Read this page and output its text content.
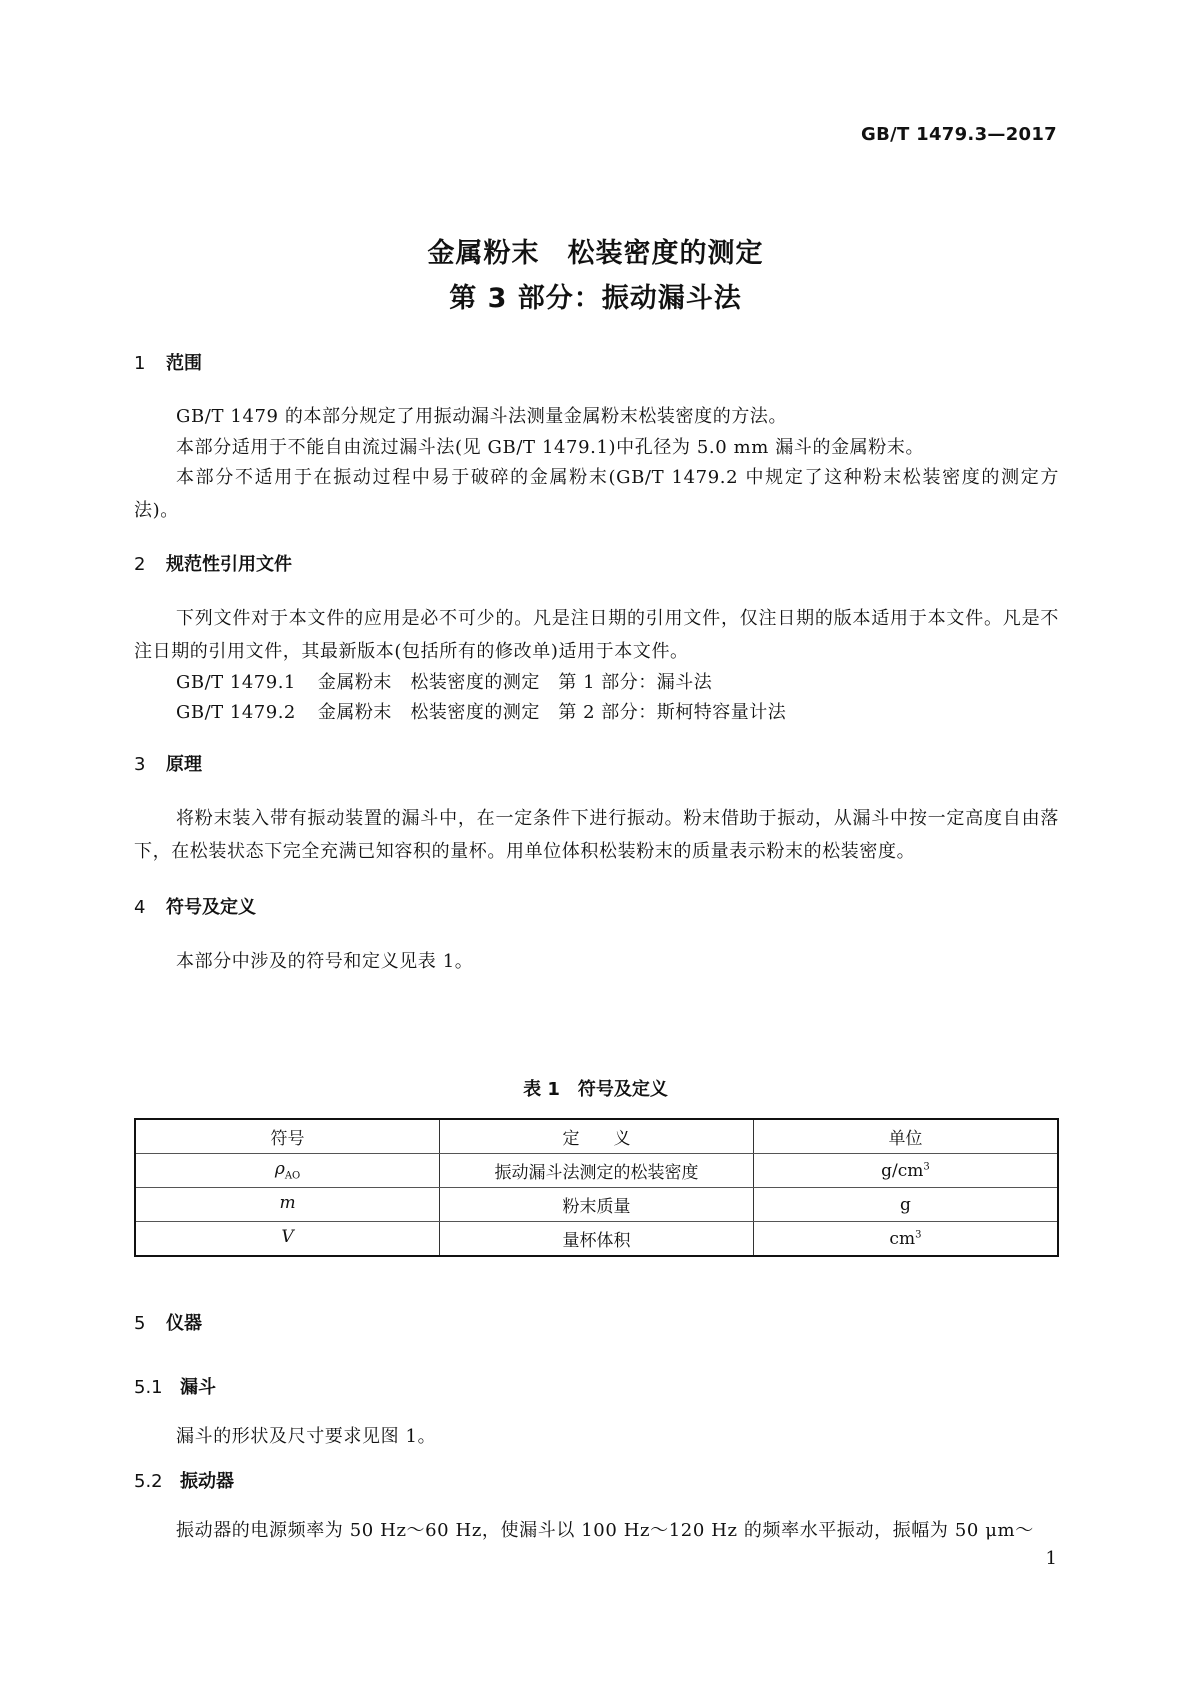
GB/T 1479.3—2017
金属粉末　松装密度的测定
第 3 部分：振动漏斗法
1 范围
GB/T 1479 的本部分规定了用振动漏斗法测量金属粉末松装密度的方法。
本部分适用于不能自由流过漏斗法(见 GB/T 1479.1)中孔径为 5.0 mm 漏斗的金属粉末。
本部分不适用于在振动过程中易于破碎的金属粉末(GB/T 1479.2 中规定了这种粉末松装密度的测定方法)。
2 规范性引用文件
下列文件对于本文件的应用是必不可少的。凡是注日期的引用文件，仅注日期的版本适用于本文件。凡是不注日期的引用文件，其最新版本(包括所有的修改单)适用于本文件。
GB/T 1479.1 金属粉末　松装密度的测定　第 1 部分：漏斗法
GB/T 1479.2 金属粉末　松装密度的测定　第 2 部分：斯柯特容量计法
3 原理
将粉末装入带有振动装置的漏斗中，在一定条件下进行振动。粉末借助于振动，从漏斗中按一定高度自由落下，在松装状态下完全充满已知容积的量杯。用单位体积松装粉末的质量表示粉末的松装密度。
4 符号及定义
本部分中涉及的符号和定义见表 1。
表 1　符号及定义
符号	定　　义	单位
$\rho_{AO}$	振动漏斗法测定的松装密度	$g/cm^3$
m	粉末质量	g
V	量杯体积	$cm^3$
5 仪器
5.1 漏斗
漏斗的形状及尺寸要求见图 1。
5.2 振动器
振动器的电源频率为 50 Hz～60 Hz，使漏斗以 100 Hz～120 Hz 的频率水平振动，振幅为 50 μm～
1
